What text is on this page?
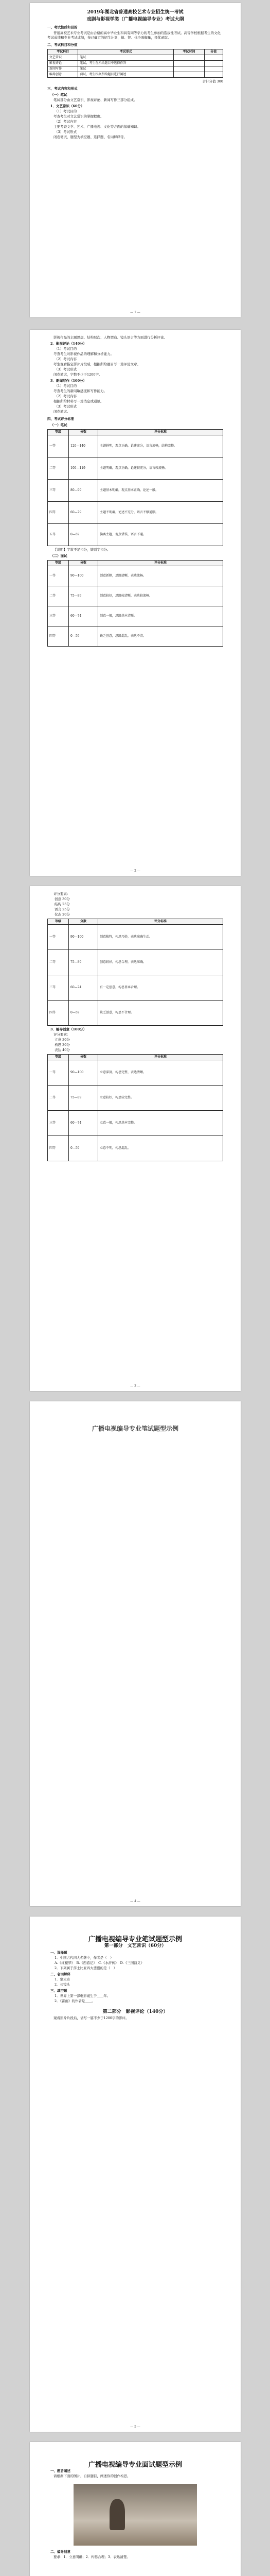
2019年湖北省普通高校艺术专业招生统一考试
戏剧与影视学类（广播电视编导专业）考试大纲
一、考试性质和目的
普通高校艺术专业考试是由合格的高中毕业生和具有同等学力的考生参加的选拔性考试。高等学校根据考生的文化考试成绩和专业考试成绩，按已确定的招生计划，德、智、体全面衡量，择优录取。
二、考试科目和分值
考试科目	考试形式	考试时间	分值
文艺常识	笔试		
影视评论	笔试，考生在所给题目中选择作答		
新闻写作	笔试		
编导创意	面试，考生根据所给题目进行阐述		
合计分值 300
三、考试内容和形式
（一）笔试
笔试部分由文艺常识、影视评论、新闻写作三部分组成。
1．文艺常识（60分）
（1）考试目的
考查考生对文艺常识的掌握程度。
（2）考试内容
主要考查文学、艺术、广播电视、文化等方面的基础知识。
（3）考试形式
闭卷笔试，题型为填空题、选择题、名词解释等。
— 1 —
影视作品的主题思想、结构层次、人物塑造、镜头语言等方面进行分析评论。
2．影视评论（140分）
（1）考试目的
考查考生对影视作品的理解和分析能力。
（2）考试内容
考生观看指定影片片段后，根据所给题目写一篇评论文章。
（3）考试形式
闭卷笔试，字数不少于1200字。
3．新闻写作（100分）
（1）考试目的
考查考生的新闻敏感度和写作能力。
（2）考试内容
根据所给材料写一篇消息或通讯。
（3）考试形式
闭卷笔试。
四、考试评分标准
（一）笔试
等级	分数	评分标准
一等	120—140	主题鲜明，观点正确，论述充分，语言流畅，结构完整。
二等	100—119	主题明确，观点正确，论述较充分，语言较流畅。
三等	80—99	主题基本明确，观点基本正确，论述一般。
四等	60—79	主题不明确，论述不充分，语言不够通顺。
五等	0—59	偏离主题，观点错误，语言不通。
【说明】字数不足扣分，错别字扣分。
（二）面试
等级	分数	评分标准
一等	90—100	创意新颖，思路清晰，表达流畅。
二等	75—89	创意较好，思路较清晰，表达较流畅。
三等	60—74	创意一般，思路基本清晰。
四等	0—59	缺乏创意，思路混乱，表达不清。
— 2 —
评分要素：
创意 30分
结构 25分
语言 25分
仪态 20分
等级	分数	评分标准
一等	90—100	创意独特，构思巧妙，表达准确生动。
二等	75—89	创意较好，构思合理，表达准确。
三等	60—74	有一定创意，构思基本合理。
四等	0—59	缺乏创意，构思不合理。
3．编导创意（100分）
评分要素：
立意 30分
构思 30分
表达 40分
等级	分数	评分标准
一等	90—100	立意深刻，构思完整，表达清晰。
二等	75—89	立意较好，构思较完整。
三等	60—74	立意一般，构思基本完整。
四等	0—59	立意不明，构思混乱。
— 3 —
广播电视编导专业笔试题型示例
— 4 —
广播电视编导专业笔试题型示例
第一部分　文艺常识（60分）
一、选择题
1．中国古代四大名著中，作者是（　）
A.《红楼梦》　B.《西游记》　C.《水浒传》　D.《三国演义》
2．下列属于莎士比亚四大悲剧的是（　）
二、名词解释
1．蒙太奇
2．长镜头
三、填空题
1．世界上第一部电影诞生于＿＿年。
2．《雷雨》的作者是＿＿。
第二部分　影视评论（140分）
观看影片片段后，请写一篇不少于1200字的影评。
— 5 —
广播电视编导专业面试题型示例
一、题旨阐述
请根据下面的图片，自拟题目，阐述你的创作构思。
二、编导创意
要求：1．立意明确；2．构思合理；3．表达清楚。
